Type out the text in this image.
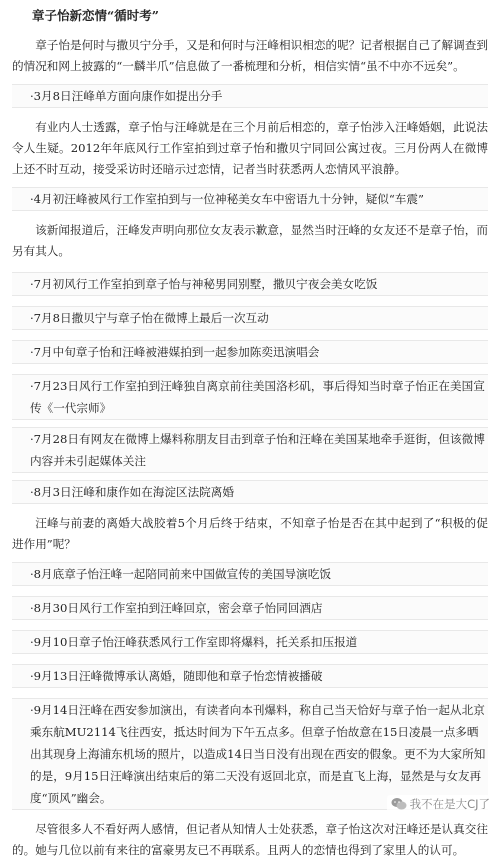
章子怡新恋情“循时考”

章子怡是何时与撒贝宁分手，又是和何时与汪峰相识相恋的呢？记者根据自己了解调查到的情况和网上披露的“一麟半爪”信息做了一番梳理和分析，相信实情“虽不中亦不远矣”。

·3月8日汪峰单方面向康作如提出分手

有业内人士透露，章子怡与汪峰就是在三个月前后相恋的，章子怡涉入汪峰婚姻，此说法令人生疑。2012年年底风行工作室拍到过章子怡和撒贝宁同回公寓过夜。三月份两人在微博上还不时互动，接受采访时还暗示过恋情，记者当时获悉两人恋情风平浪静。

·4月初汪峰被风行工作室拍到与一位神秘美女车中密语九十分钟，疑似“车震”

该新闻报道后，汪峰发声明向那位女友表示歉意，显然当时汪峰的女友还不是章子怡，而另有其人。

·7月初风行工作室拍到章子怡与神秘男同别墅，撒贝宁夜会美女吃饭

·7月8日撒贝宁与章子怡在微博上最后一次互动

·7月中旬章子怡和汪峰被港媒拍到一起参加陈奕迅演唱会

·7月23日风行工作室拍到汪峰独自离京前往美国洛杉矶，事后得知当时章子怡正在美国宣传《一代宗师》

·7月28日有网友在微博上爆料称朋友目击到章子怡和汪峰在美国某地牵手逛街，但该微博内容并未引起媒体关注

·8月3日汪峰和康作如在海淀区法院离婚

汪峰与前妻的离婚大战胶着5个月后终于结束，不知章子怡是否在其中起到了“积极的促进作用”呢？

·8月底章子怡汪峰一起陪同前来中国做宣传的美国导演吃饭

·8月30日风行工作室拍到汪峰回京，密会章子怡同回酒店

·9月10日章子怡汪峰获悉风行工作室即将爆料，托关系扣压报道

·9月13日汪峰微博承认离婚，随即他和章子怡恋情被播破

·9月14日汪峰在西安参加演出，有读者向本刊爆料，称自己当天恰好与章子怡一起从北京乘东航MU2114飞往西安，抵达时间为下午五点多。但章子怡故意在15日凌晨一点多晒出其现身上海浦东机场的照片，以造成14日当日没有出现在西安的假象。更不为大家所知的是，9月15日汪峰演出结束后的第二天没有返回北京，而是直飞上海，显然是与女友再度“顶风”幽会。

尽管很多人不看好两人感情，但记者从知情人士处获悉，章子怡这次对汪峰还是认真交往的。她与几位以前有来往的富豪男友已不再联系。且两人的恋情也得到了家里人的认可。

我不在是大CJ了
